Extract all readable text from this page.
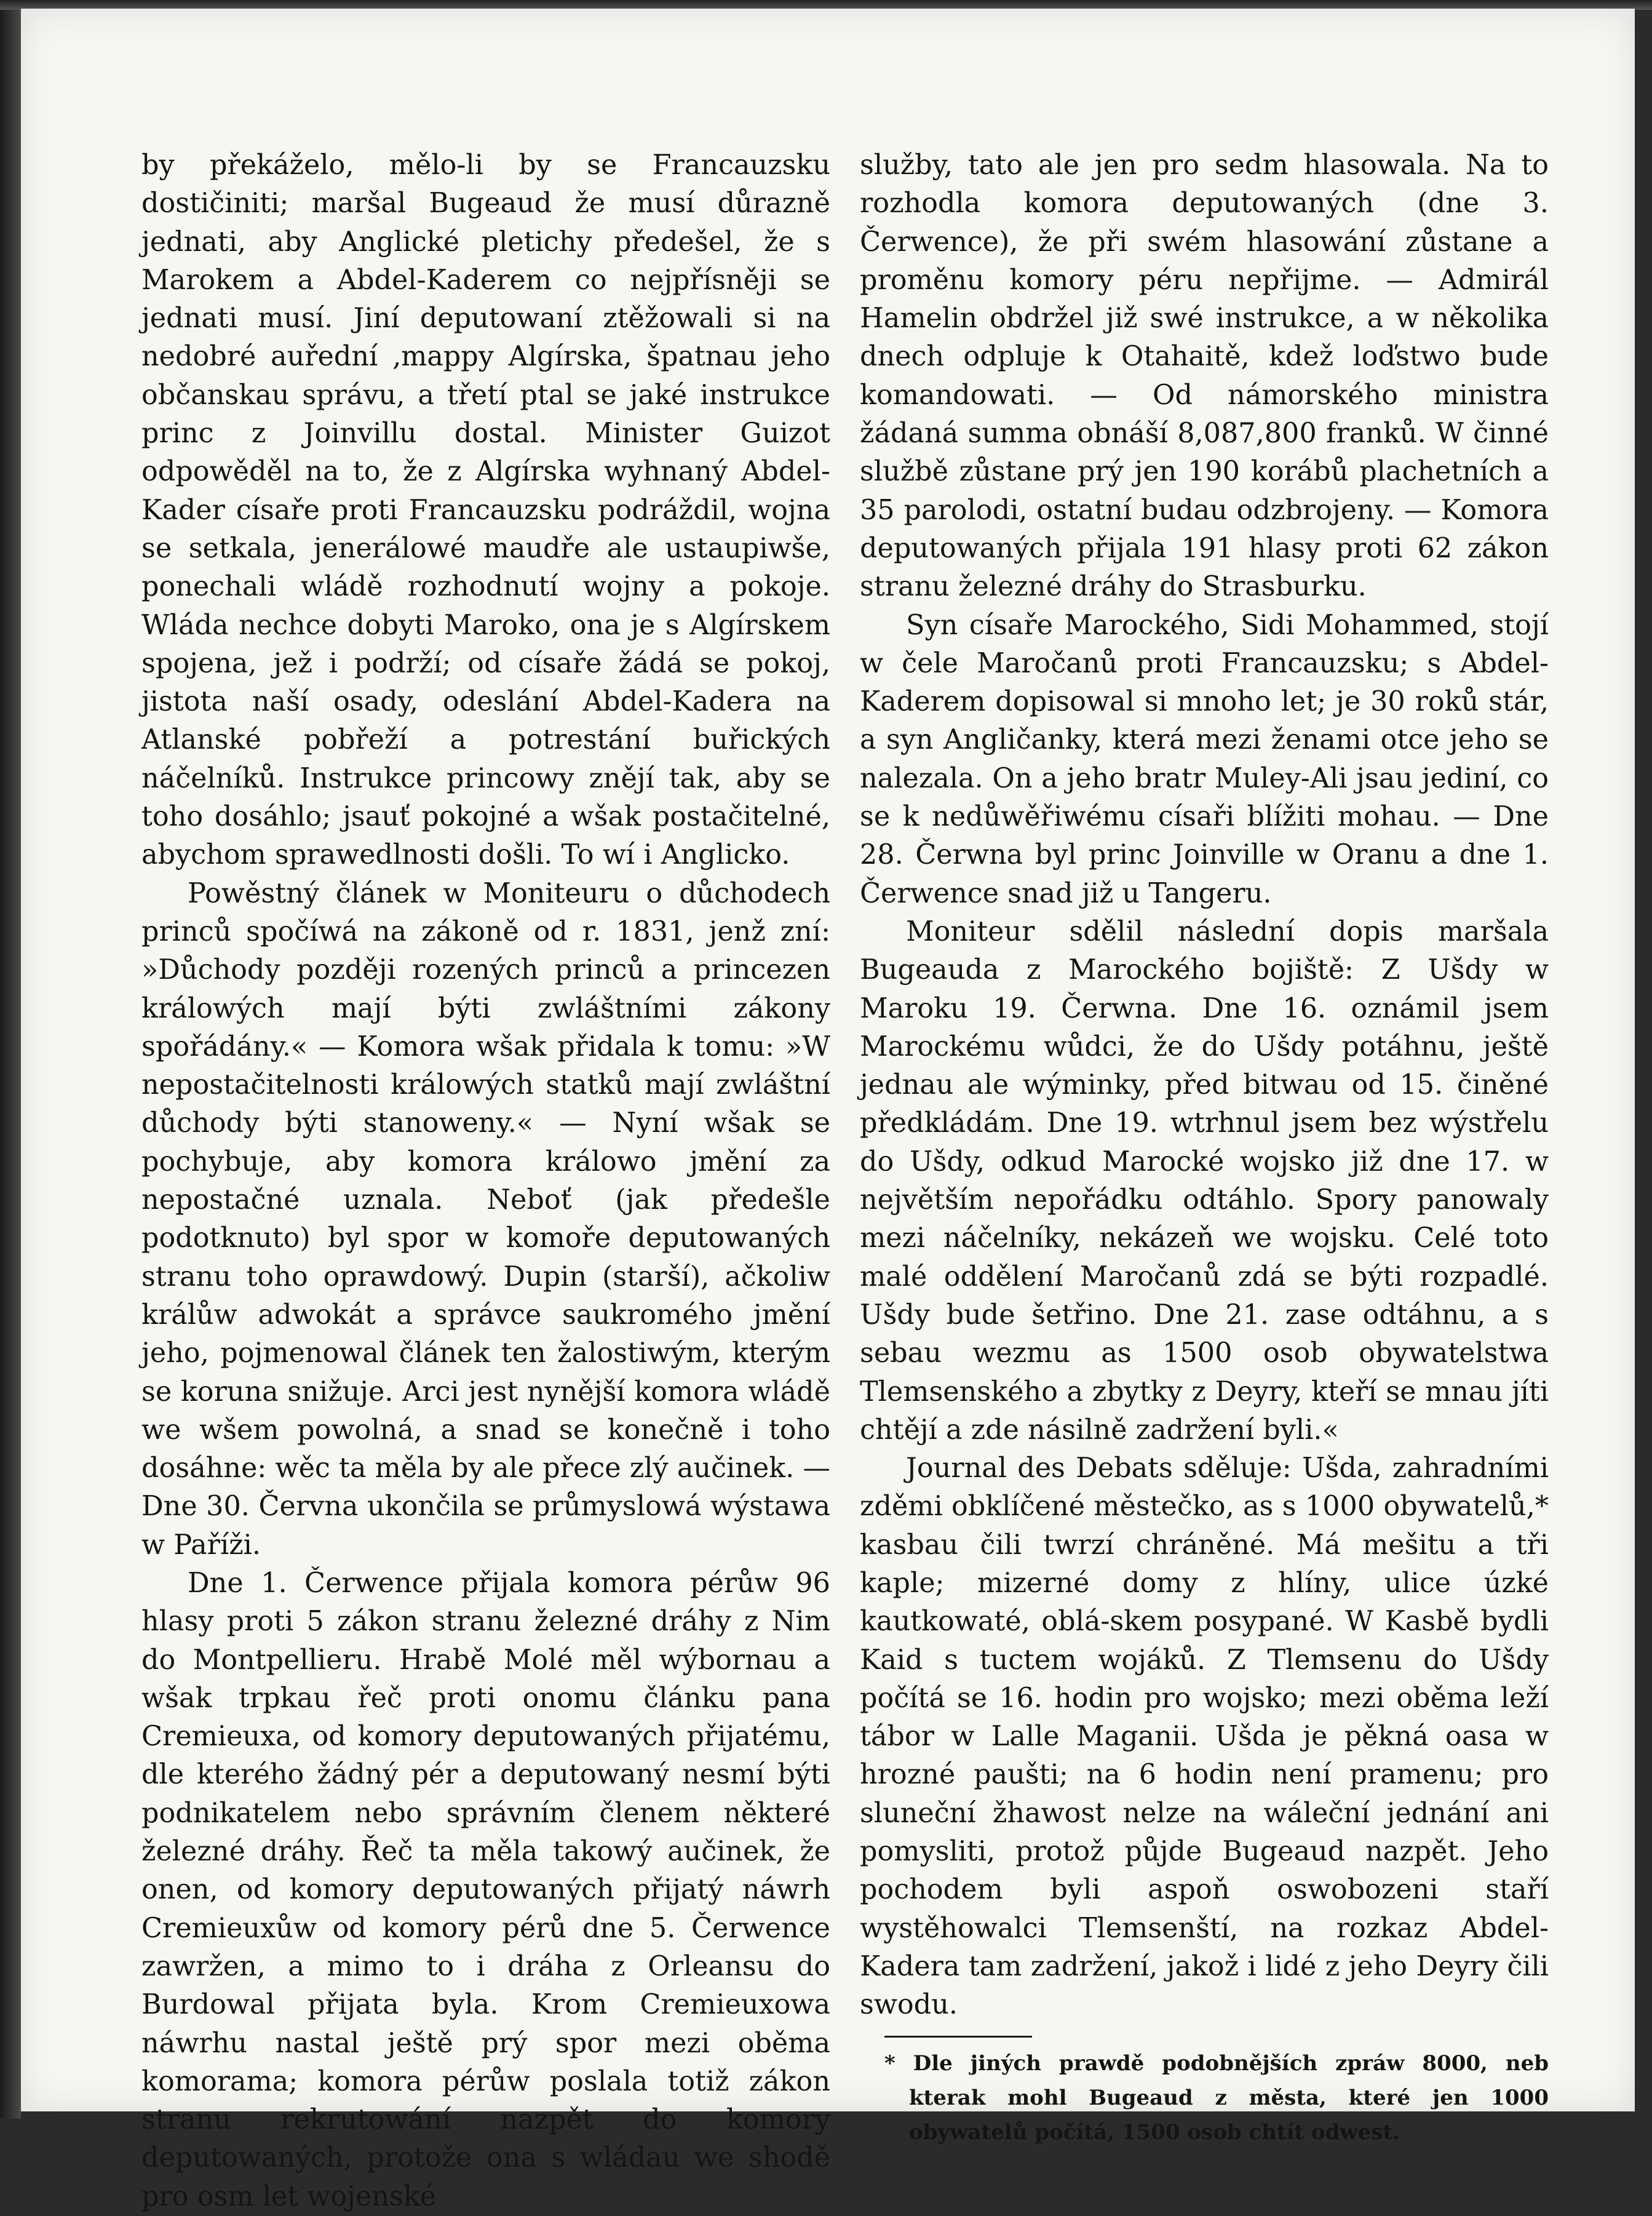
by překáželo, mělo-li by se Francauzsku dostičiniti; maršal Bugeaud že musí důrazně jednati, aby Anglické pletichy předešel, že s Marokem a Abdel-Kaderem co nejpřísněji se jednati musí. Jiní deputowaní ztěžowali si na nedobré auřední ‚mappy Algírska, špatnau jeho občanskau správu, a třetí ptal se jaké instrukce princ z Joinvillu dostal. Minister Guizot odpowěděl na to, že z Algírska wyhnaný Abdel-Kader císaře proti Francauzsku podráždil, wojna se setkala, jenerálowé maudře ale ustaupiwše, ponechali wládě rozhodnutí wojny a pokoje. Wláda nechce dobyti Maroko, ona je s Algírskem spojena, jež i podrží; od císaře žádá se pokoj, jistota naší osady, odeslání Abdel-Kadera na Atlanské pobřeží a potrestání buřických náčelníků. Instrukce princowy znějí tak, aby se toho dosáhlo; jsauť pokojné a wšak postačitelné, abychom sprawedlnosti došli. To wí i Anglicko.

Powěstný článek w Moniteuru o důchodech princů spočíwá na zákoně od r. 1831, jenž zní: »Důchody později rozených princů a princezen králowých mají býti zwláštními zákony spořádány.« — Komora wšak přidala k tomu: »W nepostačitelnosti králowých statků mají zwláštní důchody býti stanoweny.« — Nyní wšak se pochybuje, aby komora králowo jmění za nepostačné uznala. Neboť (jak předešle podotknuto) byl spor w komoře deputowaných stranu toho oprawdowý. Dupin (starší), ačkoliw králůw adwokát a správce saukromého jmění jeho, pojmenowal článek ten žalostiwým, kterým se koruna snižuje. Arci jest nynější komora wládě we wšem powolná, a snad se konečně i toho dosáhne: wěc ta měla by ale přece zlý aučinek. — Dne 30. Června ukončila se průmyslowá wýstawa w Paříži.

Dne 1. Čerwence přijala komora pérůw 96 hlasy proti 5 zákon stranu železné dráhy z Nim do Montpellieru. Hrabě Molé měl wýbornau a wšak trpkau řeč proti onomu článku pana Cremieuxa, od komory deputowaných přijatému, dle kterého žádný pér a deputowaný nesmí býti podnikatelem nebo správním členem některé železné dráhy. Řeč ta měla takowý aučinek, že onen, od komory deputowaných přijatý náwrh Cremieuxůw od komory pérů dne 5. Čerwence zawržen, a mimo to i dráha z Orleansu do Burdowal přijata byla. Krom Cremieuxowa náwrhu nastal ještě prý spor mezi oběma komorama; komora pérůw poslala totiž zákon stranu rekrutowání nazpět do komory deputowaných, protože ona s wládau we shodě pro osm let wojenské

služby, tato ale jen pro sedm hlasowala. Na to rozhodla komora deputowaných (dne 3. Čerwence), že při swém hlasowání zůstane a proměnu komory péru nepřijme. — Admirál Hamelin obdržel již swé instrukce, a w několika dnech odpluje k Otahaitě, kdež loďstwo bude komandowati. — Od námorského ministra žádaná summa obnáší 8,087,800 franků. W činné službě zůstane prý jen 190 korábů plachetních a 35 parolodi, ostatní budau odzbrojeny. — Komora deputowaných přijala 191 hlasy proti 62 zákon stranu železné dráhy do Strasburku.

Syn císaře Marockého, Sidi Mohammed, stojí w čele Maročanů proti Francauzsku; s Abdel-Kaderem dopisowal si mnoho let; je 30 roků stár, a syn Angličanky, která mezi ženami otce jeho se nalezala. On a jeho bratr Muley-Ali jsau jediní, co se k nedůwěřiwému císaři blížiti mohau. — Dne 28. Čerwna byl princ Joinville w Oranu a dne 1. Čerwence snad již u Tangeru.

Moniteur sdělil následní dopis maršala Bugeauda z Marockého bojiště: Z Ušdy w Maroku 19. Čerwna. Dne 16. oznámil jsem Marockému wůdci, že do Ušdy potáhnu, ještě jednau ale wýminky, před bitwau od 15. činěné předkládám. Dne 19. wtrhnul jsem bez wýstřelu do Ušdy, odkud Marocké wojsko již dne 17. w největším nepořádku odtáhlo. Spory panowaly mezi náčelníky, nekázeň we wojsku. Celé toto malé oddělení Maročanů zdá se býti rozpadlé. Ušdy bude šetřino. Dne 21. zase odtáhnu, a s sebau wezmu as 1500 osob obywatelstwa Tlemsenského a zbytky z Deyry, kteří se mnau jíti chtějí a zde násilně zadržení byli.«

Journal des Debats sděluje: Ušda, zahradními zděmi obklíčené městečko, as s 1000 obywatelů,* kasbau čili twrzí chráněné. Má mešitu a tři kaple; mizerné domy z hlíny, ulice úzké kautkowaté, oblá-skem posypané. W Kasbě bydli Kaid s tuctem wojáků. Z Tlemsenu do Ušdy počítá se 16. hodin pro wojsko; mezi oběma leží tábor w Lalle Maganii. Ušda je pěkná oasa w hrozné paušti; na 6 hodin není pramenu; pro sluneční žhawost nelze na wáleční jednání ani pomysliti, protož půjde Bugeaud nazpět. Jeho pochodem byli aspoň oswobozeni staří wystěhowalci Tlemsenští, na rozkaz Abdel-Kadera tam zadržení, jakož i lidé z jeho Deyry čili swodu.

* Dle jiných prawdě podobnějších zpráw 8000, neb kterak mohl Bugeaud z města, ktеré jen 1000 obywatelů počítá, 1500 osob chtít odwest.
